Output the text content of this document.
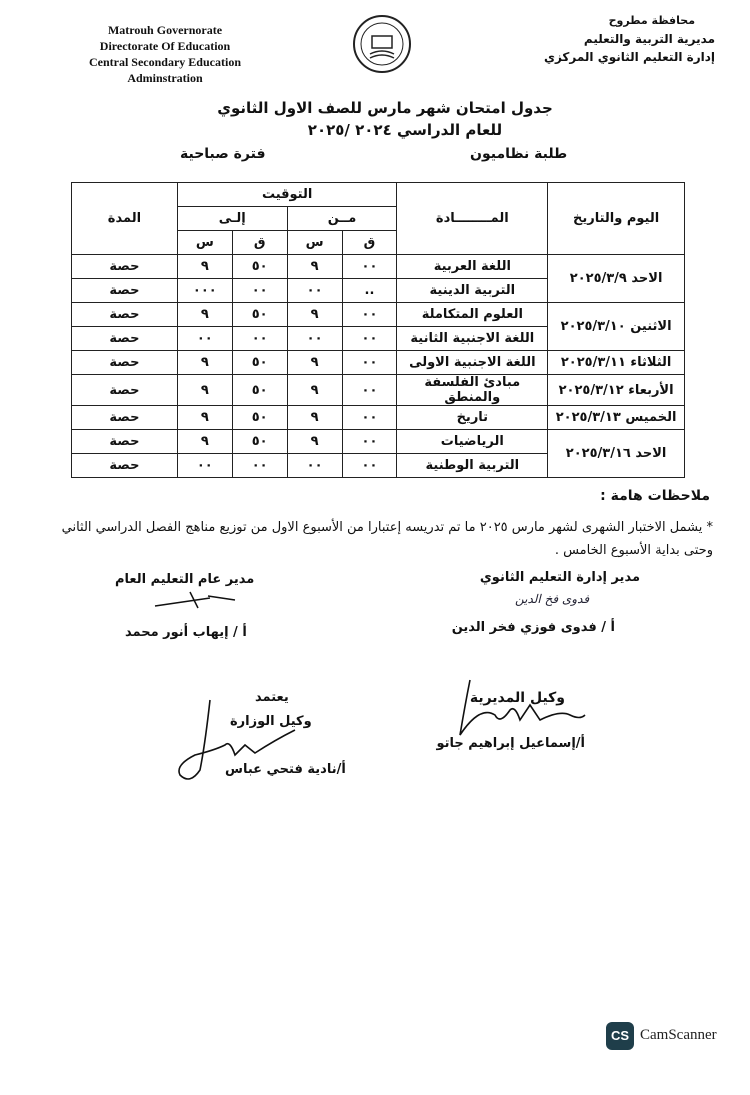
Matrouh Governorate
Directorate Of Education
Central Secondary Education Adminstration
محافظة مطروح
مديرية التربية والتعليم
إدارة التعليم الثانوي المركزي
جدول امتحان شهر مارس للصف الاول الثانوي
للعام الدراسي ٢٠٢٤ /٢٠٢٥
طلبة نظاميون
فترة صباحية
اليوم والتاريخ	المــــــــادة	التوقيت				المدة
		مــن		إلـى		
		ق	س	ق	س	
الاحد ٢٠٢٥/٣/٩	اللغة العربية	٠٠	٩	٥٠	٩	حصة
	التربية الدينية	..	٠٠	٠٠	٠٠٠	حصة
الاثنين ٢٠٢٥/٣/١٠	العلوم المتكاملة	٠٠	٩	٥٠	٩	حصة
	اللغة الاجنبية الثانية	٠٠	٠٠	٠٠	٠٠	حصة
الثلاثاء ٢٠٢٥/٣/١١	اللغة الاجنبية الاولى	٠٠	٩	٥٠	٩	حصة
الأربعاء ٢٠٢٥/٣/١٢	مبادئ الفلسفة والمنطق	٠٠	٩	٥٠	٩	حصة
الخميس ٢٠٢٥/٣/١٣	تاريخ	٠٠	٩	٥٠	٩	حصة
الاحد ٢٠٢٥/٣/١٦	الرياضيات	٠٠	٩	٥٠	٩	حصة
	التربية الوطنية	٠٠	٠٠	٠٠	٠٠	حصة
ملاحظات هامة :
* يشمل الاختبار الشهرى لشهر مارس ٢٠٢٥ ما تم تدريسه إعتبارا من الأسبوع الاول من توزيع مناهج الفصل الدراسي الثاني وحتى بداية الأسبوع الخامس .
مدير إدارة التعليم الثانوي
فدوى فخ الدين
أ / فدوى فوزي فخر الدين
مدير عام التعليم العام
أ / إيهاب أنور محمد
وكيل المديرية
أ/إسماعيل إبراهيم جاتو
يعتمد
وكيل الوزارة
أ/نادية فتحي عباس
CS CamScanner
